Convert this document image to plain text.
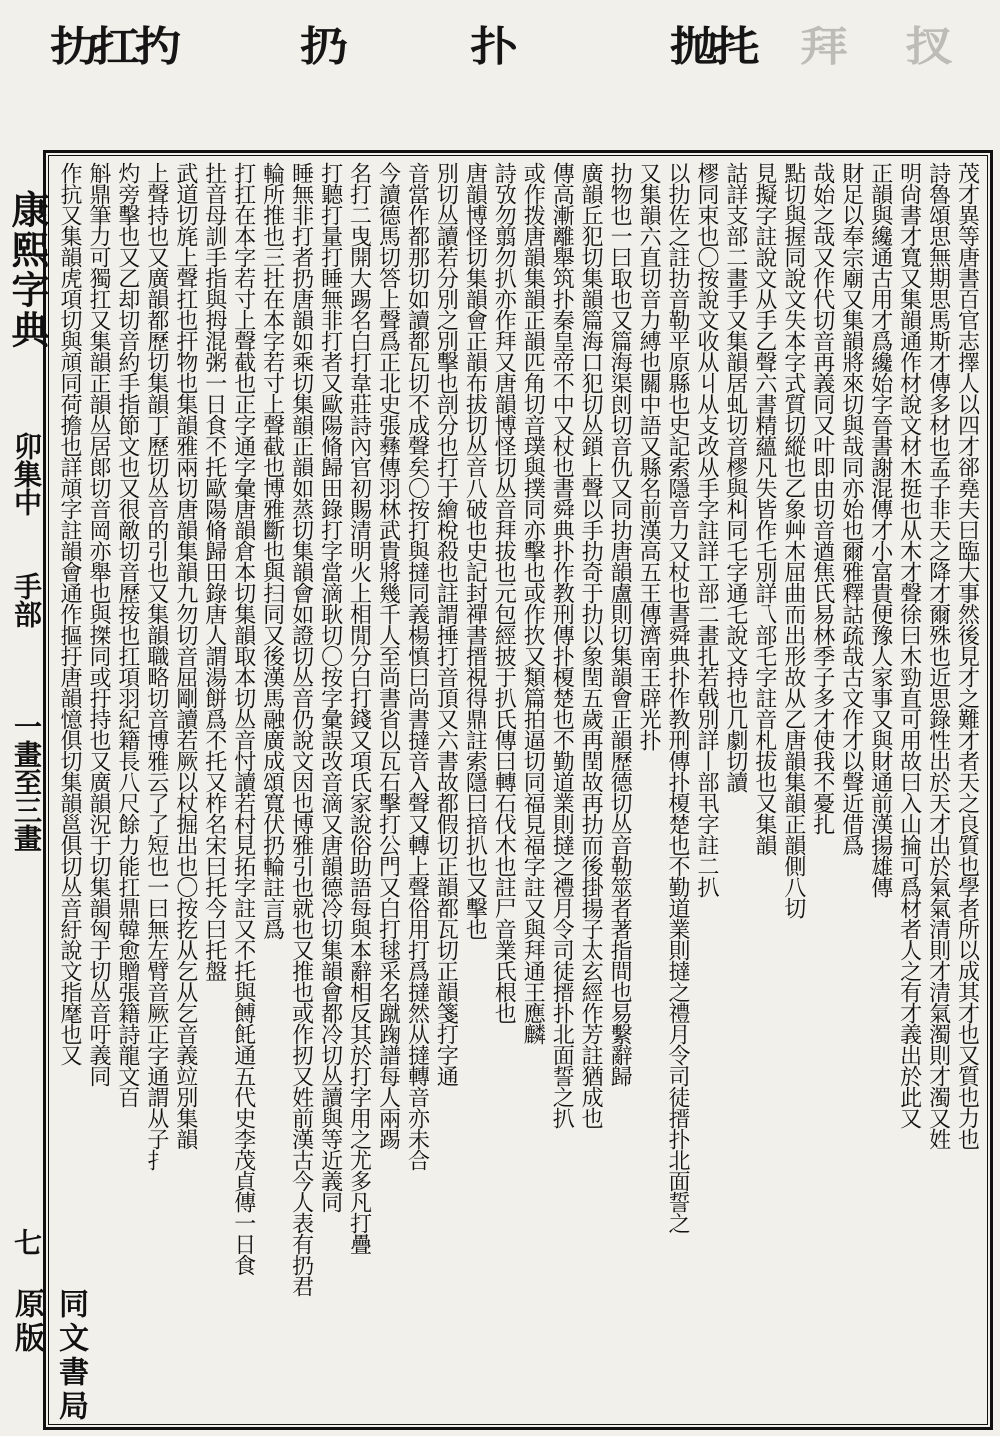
扐扛扚	扔	扑	抛扥 拜 扠
康熙字典
卯集中
手部
一畫至三畫
七
同文書局原版
茂才異等唐書百官志擇人以四才郤堯夫曰臨大事然後見才之難才者天之良質也學者所以成其才也又質也力也
詩魯頌思無期思馬斯才傳多材也孟子非天之降才爾殊也近思錄性出於天才出於氣氣清則才清氣濁則才濁又姓
明尙書才寬又集韻通作材說文材木挺也从木才聲徐曰木勁直可用故曰入山掄可爲材者人之有才義出於此又
正韻與纔通古用才爲纔始字晉書謝混傳才小富貴便豫人家事又與財通前漢揚雄傳
財足以奉宗廟又集韻將來切與哉同亦始也爾雅釋詁疏哉古文作才以聲近借爲
哉始之哉又作代切音再義同又叶即由切音遒焦氏易林季子多才使我不憂扎
點切與握同說文失本字式質切縱也乙象艸木屈曲而出形故从乙唐韻集韻正韻側八切
見擬字註說文从手乙聲六書精蘊凡失皆作乇別詳乁部乇字註音札拔也又集韻
詁詳支部二畫手又集韻居虬切音樛與朻同乇字通乇說文持也几劇切讀
樛同束也〇按說文收从丩从攴改从手字註詳工部二畫扎若戟別詳丨部丮字註二扒
以扐佐之註扐音勒平原縣也史記索隱音力又杖也書舜典扑作教刑傳扑榎楚也不勤道業則撻之禮月令司徒搢扑北面誓之
又集韻六直切音力縛也關中語又縣名前漢高五王傳濟南王辟光扑
扐物也一曰取也又篇海渠剆切音仇又同扐唐韻盧則切集韻會正韻歷德切丛音勒筮者著指間也易繫辭歸
廣韻丘犯切集韻篇海口犯切丛鎖上聲以手扐奇于扐以象閏五歲再閏故再扐而後掛揚子太玄經作芳註猶成也
傳高漸離舉筑扑秦皇帝不中又杖也書舜典扑作教刑傳扑榎楚也不勤道業則撻之禮月令司徒搢扑北面誓之扒
或作拨唐韻集韻正韻匹角切音璞與撲同亦擊也或作扻又類篇拍逼切同福見福字註又與拜通王應麟
詩攷勿翦勿扒亦作拜又唐韻博怪切丛音拜拔也元包經披于扒氏傳曰轉石伐木也註尸音業氏根也
唐韻博怪切集韻會正韻布拔切丛音八破也史記封禪書搢視得鼎註索隱曰揞扒也又擊也
別切丛讀若分別之別擊也剖分也打于繪梲殺也註謂捶打音頂又六書故都假切正韻都瓦切正韻箋打字通
音當作都那切如讀都瓦切不成聲矣〇按打與撻同義楊慎曰尚書撻音入聲又轉上聲俗用打爲撻然从撻轉音亦未合
今讀德馬切答上聲爲正北史張彝傳羽林武貴將幾千人至尚書省以瓦石擊打公門又白打毬采名蹴踘譜每人兩踢
名打二曳開大踢名白打韋莊詩內官初賜清明火上相閒分白打錢又項氏家說俗助語每與本辭相反其於打字用之尤多凡打疊
打聽打量打睡無非打者又歐陽脩歸田錄打字當滴耿切〇按字彙誤改音滴又唐韻德冷切集韻會都冷切丛讀與等近義同
睡無非打者扔唐韻如乘切集韻正韻如蒸切集韻會如證切丛音仍說文因也博雅引也就也又推也或作扨又姓前漢古今人表有扔君
輪所推也三扗在本字若寸上聲截也博雅斷也與扫同又後漢馬融廣成頌寬伏扔輪註言爲
打扛在本字若寸上聲截也正字通字彙唐韻倉本切集韻取本切丛音忖讀若村見拓字註又不托與餺飥通五代史李茂貞傳一日食
扗音母訓手指與拇混粥一日食不托歐陽脩歸田錄唐人謂湯餅爲不托又柞名宋曰托今曰托盤
武道切旄上聲扛也扞物也集韻雅兩切唐韻集韻九勿切音屈剛讀若厥以杖掘出也〇按扢从乞从乞音義竝別集韻
上聲持也又廣韻都歷切集韻丁歷切丛音的引也又集韻職略切音博雅云了了短也一曰無左臂音厥正字通謂从子扌
灼旁擊也又乙却切音約手指節文也又很敵切音歷按也扛項羽紀籍長八尺餘力能扛鼎韓愈贈張籍詩龍文百
斛鼎筆力可獨扛又集韻正韻丛居郞切音岡亦舉也與搩同或扜持也又廣韻況于切集韻匈于切丛音吁義同
作抗又集韻虎項切與頏同荷擔也詳頏字註韻會通作摳扜唐韻憶俱切集韻邕俱切丛音紆說文指麾也又
